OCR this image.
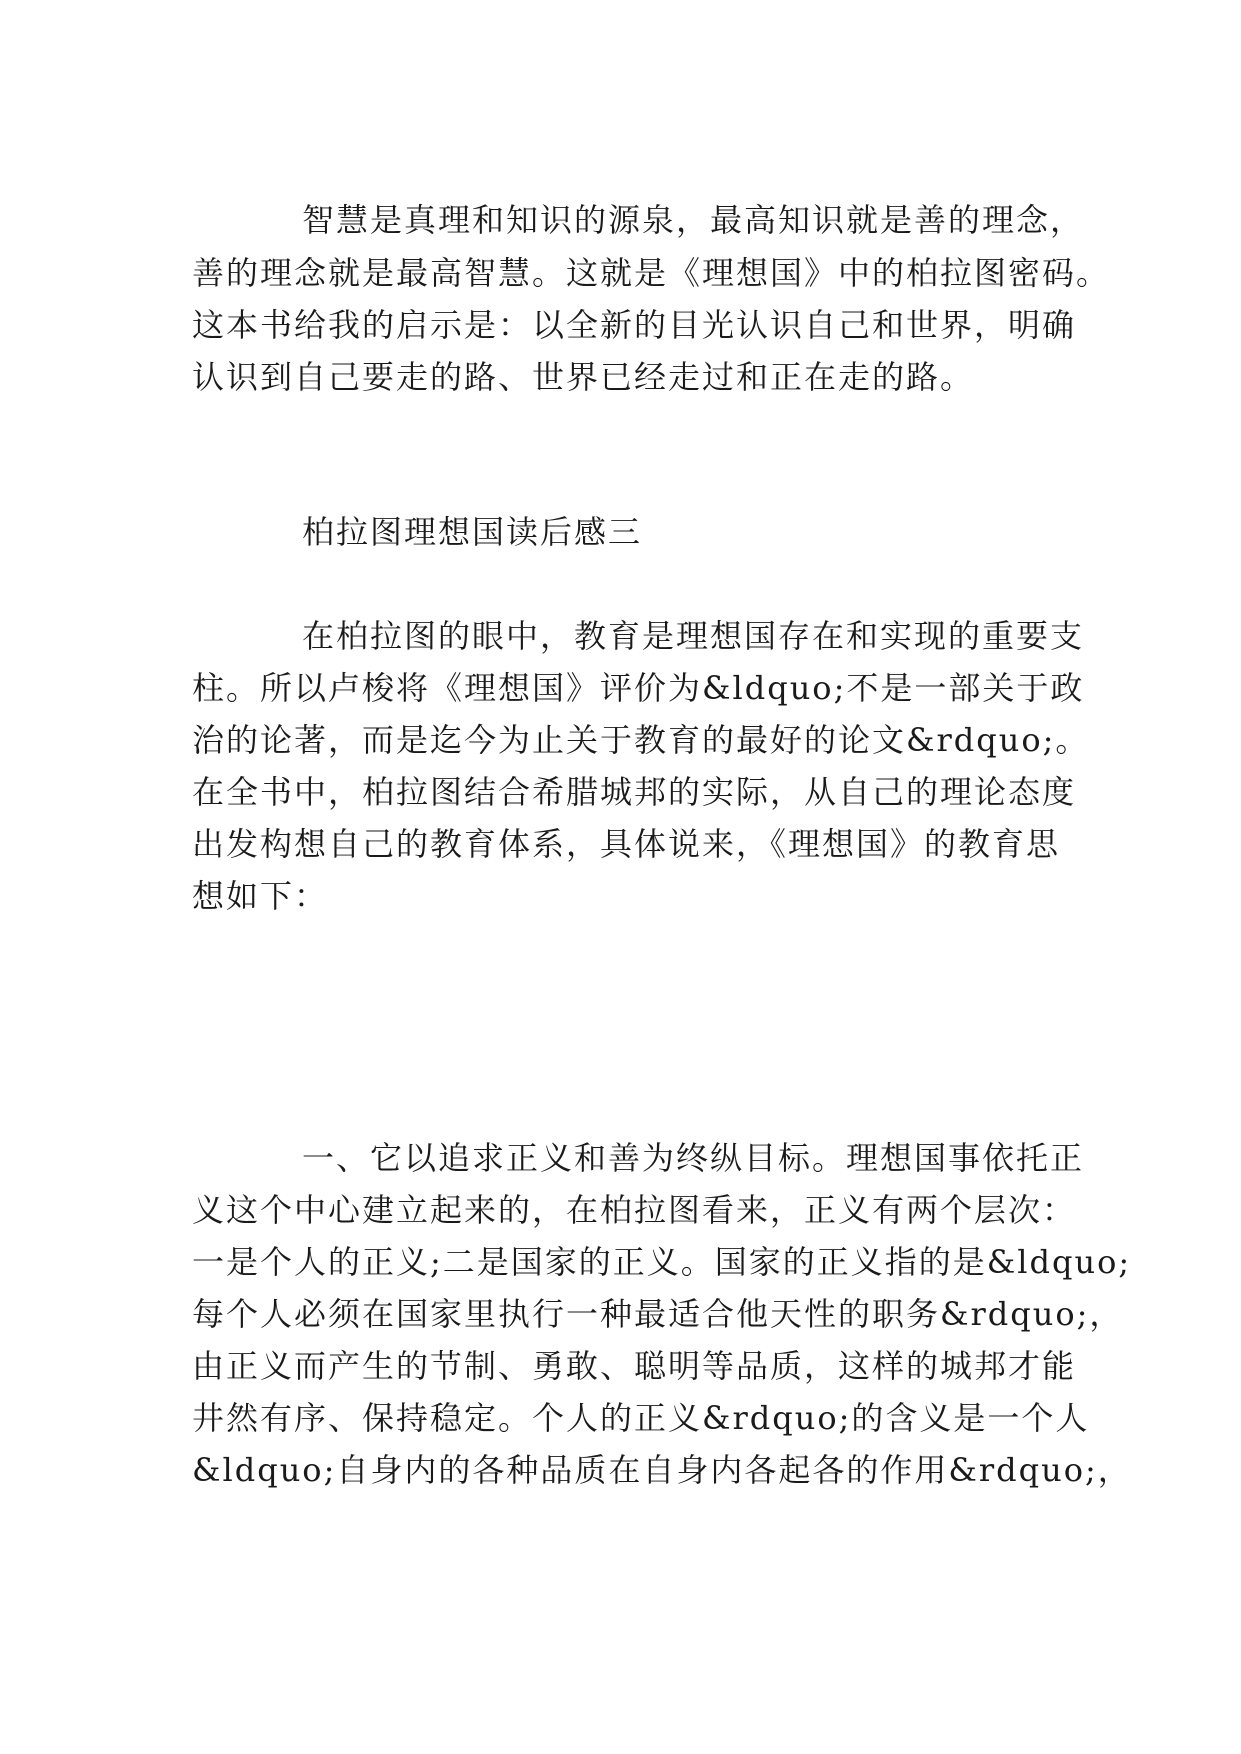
智慧是真理和知识的源泉，最高知识就是善的理念，
善的理念就是最高智慧。这就是《理想国》中的柏拉图密码。
这本书给我的启示是：以全新的目光认识自己和世界，明确
认识到自己要走的路、世界已经走过和正在走的路。
柏拉图理想国读后感三
在柏拉图的眼中，教育是理想国存在和实现的重要支
柱。所以卢梭将《理想国》评价为&ldquo;不是一部关于政
治的论著，而是迄今为止关于教育的最好的论文&rdquo;。
在全书中，柏拉图结合希腊城邦的实际，从自己的理论态度
出发构想自己的教育体系，具体说来，《理想国》的教育思
想如下：
一、它以追求正义和善为终纵目标。理想国事依托正
义这个中心建立起来的，在柏拉图看来，正义有两个层次：
一是个人的正义;二是国家的正义。国家的正义指的是&ldquo;
每个人必须在国家里执行一种最适合他天性的职务&rdquo;，
由正义而产生的节制、勇敢、聪明等品质，这样的城邦才能
井然有序、保持稳定。个人的正义&rdquo;的含义是一个人
&ldquo;自身内的各种品质在自身内各起各的作用&rdquo;，
